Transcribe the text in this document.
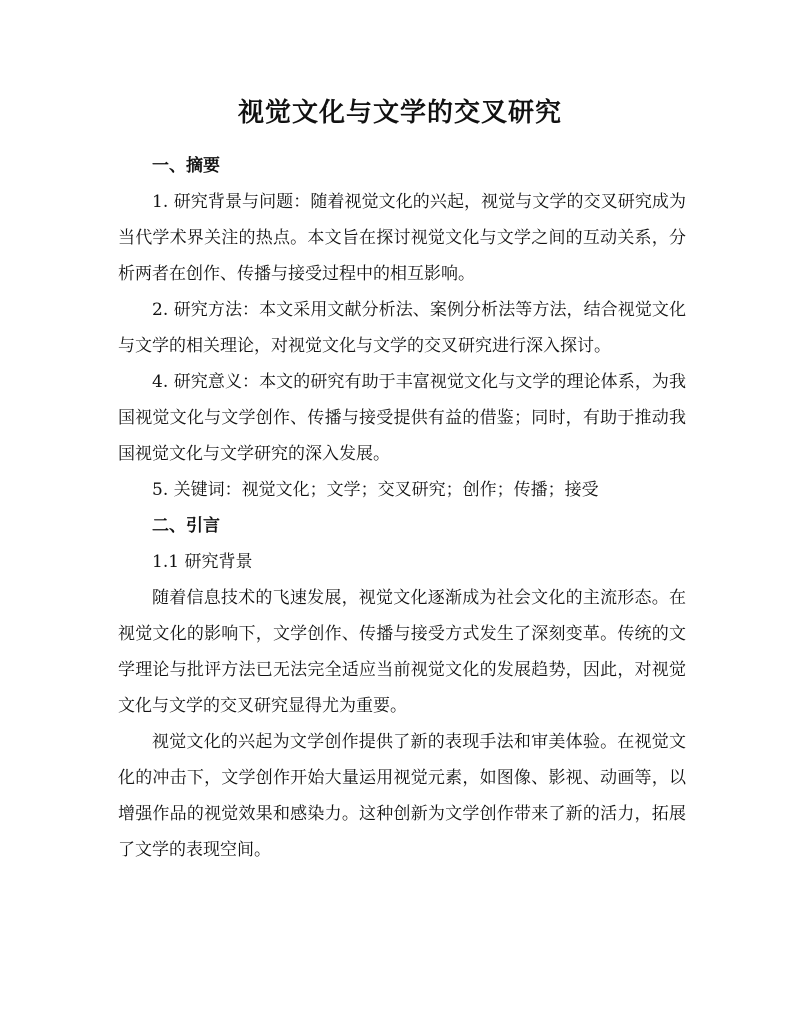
视觉文化与文学的交叉研究
一、摘要
1. 研究背景与问题：随着视觉文化的兴起，视觉与文学的交叉研究成为当代学术界关注的热点。本文旨在探讨视觉文化与文学之间的互动关系，分析两者在创作、传播与接受过程中的相互影响。
2. 研究方法：本文采用文献分析法、案例分析法等方法，结合视觉文化与文学的相关理论，对视觉文化与文学的交叉研究进行深入探讨。
4. 研究意义：本文的研究有助于丰富视觉文化与文学的理论体系，为我国视觉文化与文学创作、传播与接受提供有益的借鉴；同时，有助于推动我国视觉文化与文学研究的深入发展。
5. 关键词：视觉文化；文学；交叉研究；创作；传播；接受
二、引言
1.1 研究背景
随着信息技术的飞速发展，视觉文化逐渐成为社会文化的主流形态。在视觉文化的影响下，文学创作、传播与接受方式发生了深刻变革。传统的文学理论与批评方法已无法完全适应当前视觉文化的发展趋势，因此，对视觉文化与文学的交叉研究显得尤为重要。
视觉文化的兴起为文学创作提供了新的表现手法和审美体验。在视觉文化的冲击下，文学创作开始大量运用视觉元素，如图像、影视、动画等，以增强作品的视觉效果和感染力。这种创新为文学创作带来了新的活力，拓展了文学的表现空间。
